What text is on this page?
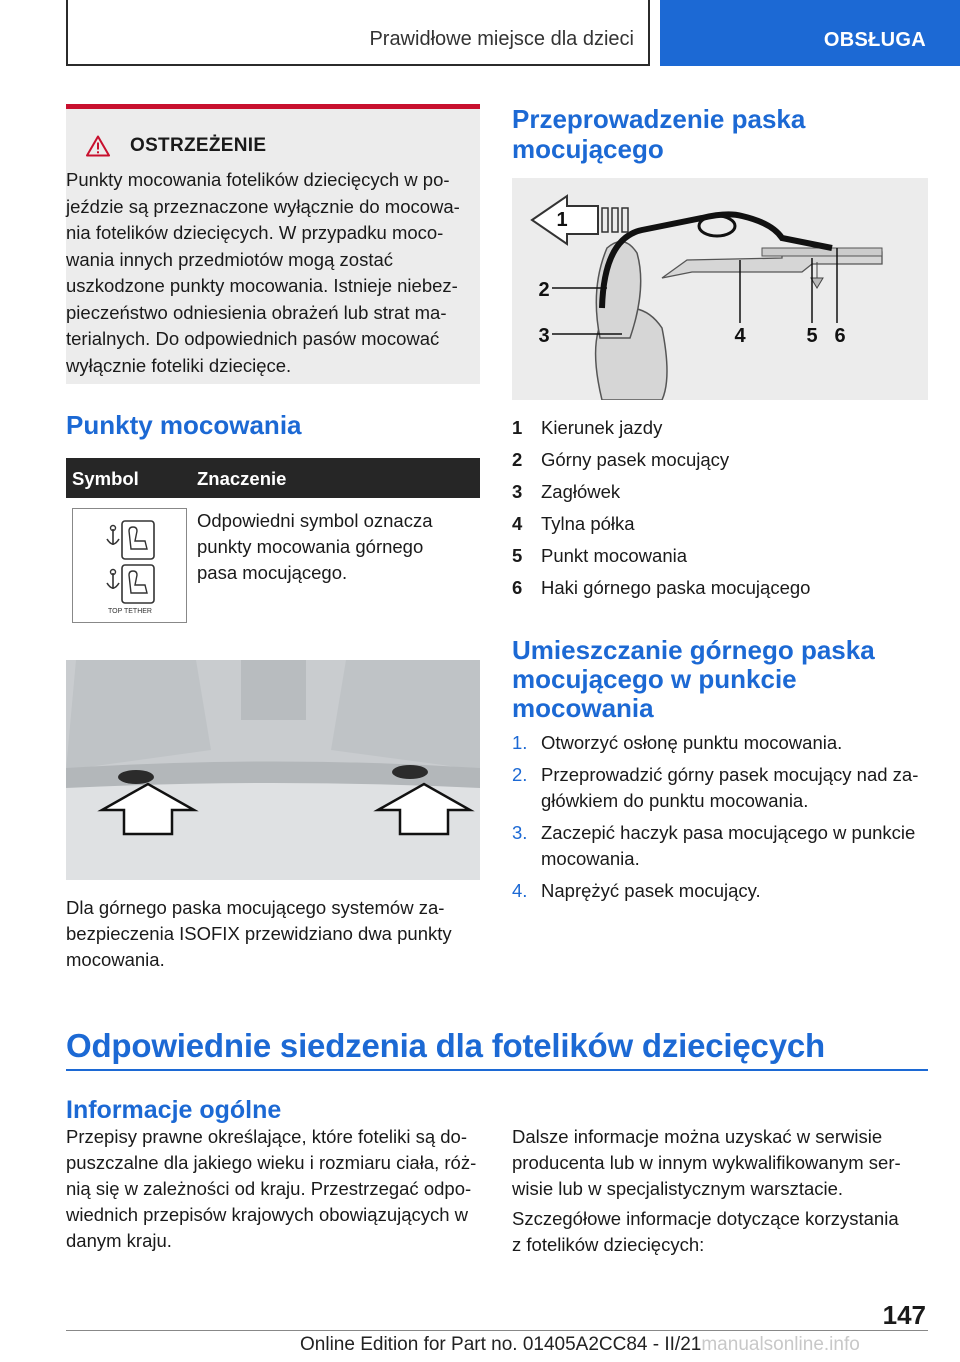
Prawidłowe miejsce dla dzieci	OBSŁUGA
OSTRZEŻENIE
Punkty mocowania fotelików dziecięcych w po-
jeździe są przeznaczone wyłącznie do mocowa-
nia fotelików dziecięcych. W przypadku moco-
wania innych przedmiotów mogą zostać
uszkodzone punkty mocowania. Istnieje niebez-
pieczeństwo odniesienia obrażeń lub strat ma-
terialnych. Do odpowiednich pasów mocować
wyłącznie foteliki dziecięce.
Punkty mocowania
Symbol	Znaczenie
TOP TETHER
Odpowiedni symbol oznacza
punkty mocowania górnego
pasa mocującego.
Dla górnego paska mocującego systemów za-
bezpieczenia ISOFIX przewidziano dwa punkty
mocowania.
Przeprowadzenie paska
mocującego
1
2
3	4	5 6
1	Kierunek jazdy
2	Górny pasek mocujący
3	Zagłówek
4	Tylna półka
5	Punkt mocowania
6	Haki górnego paska mocującego
Umieszczanie górnego paska
mocującego w punkcie
mocowania
1. Otworzyć osłonę punktu mocowania.
2. Przeprowadzić górny pasek mocujący nad za-
główkiem do punktu mocowania.
3. Zaczepić haczyk pasa mocującego w punkcie
mocowania.
4. Naprężyć pasek mocujący.
Odpowiednie siedzenia dla fotelików dziecięcych
Informacje ogólne
Przepisy prawne określające, które foteliki są do-
puszczalne dla jakiego wieku i rozmiaru ciała, róż-
nią się w zależności od kraju. Przestrzegać odpo-
wiednich przepisów krajowych obowiązujących w
danym kraju.
Dalsze informacje można uzyskać w serwisie
producenta lub w innym wykwalifikowanym ser-
wisie lub w specjalistycznym warsztacie.
Szczegółowe informacje dotyczące korzystania
z fotelików dziecięcych:
147
Online Edition for Part no. 01405A2CC84 - II/21manualsonline.info
